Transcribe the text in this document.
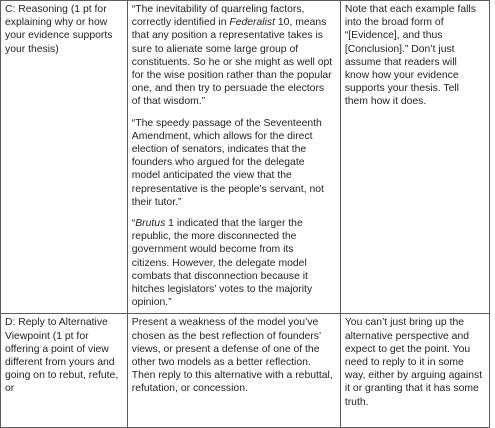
C: Reasoning (1 pt for explaining why or how your evidence supports your thesis)	“The inevitability of quarreling factors, correctly identified in Federalist 10, means that any position a representative takes is sure to alienate some large group of constituents. So he or she might as well opt for the wise position rather than the popular one, and then try to persuade the electors of that wisdom.”

“The speedy passage of the Seventeenth Amendment, which allows for the direct election of senators, indicates that the founders who argued for the delegate model anticipated the view that the representative is the people’s servant, not their tutor.”

“Brutus 1 indicated that the larger the republic, the more disconnected the government would become from its citizens. However, the delegate model combats that disconnection because it hitches legislators’ votes to the majority opinion.”	Note that each example falls into the broad form of “[Evidence], and thus [Conclusion].” Don’t just assume that readers will know how your evidence supports your thesis. Tell them how it does.

D: Reply to Alternative Viewpoint (1 pt for offering a point of view different from yours and going on to rebut, refute, or	Present a weakness of the model you’ve chosen as the best reflection of founders’ views, or present a defense of one of the other two models as a better reflection. Then reply to this alternative with a rebuttal, refutation, or concession.	You can’t just bring up the alternative perspective and expect to get the point. You need to reply to it in some way, either by arguing against it or granting that it has some truth.
